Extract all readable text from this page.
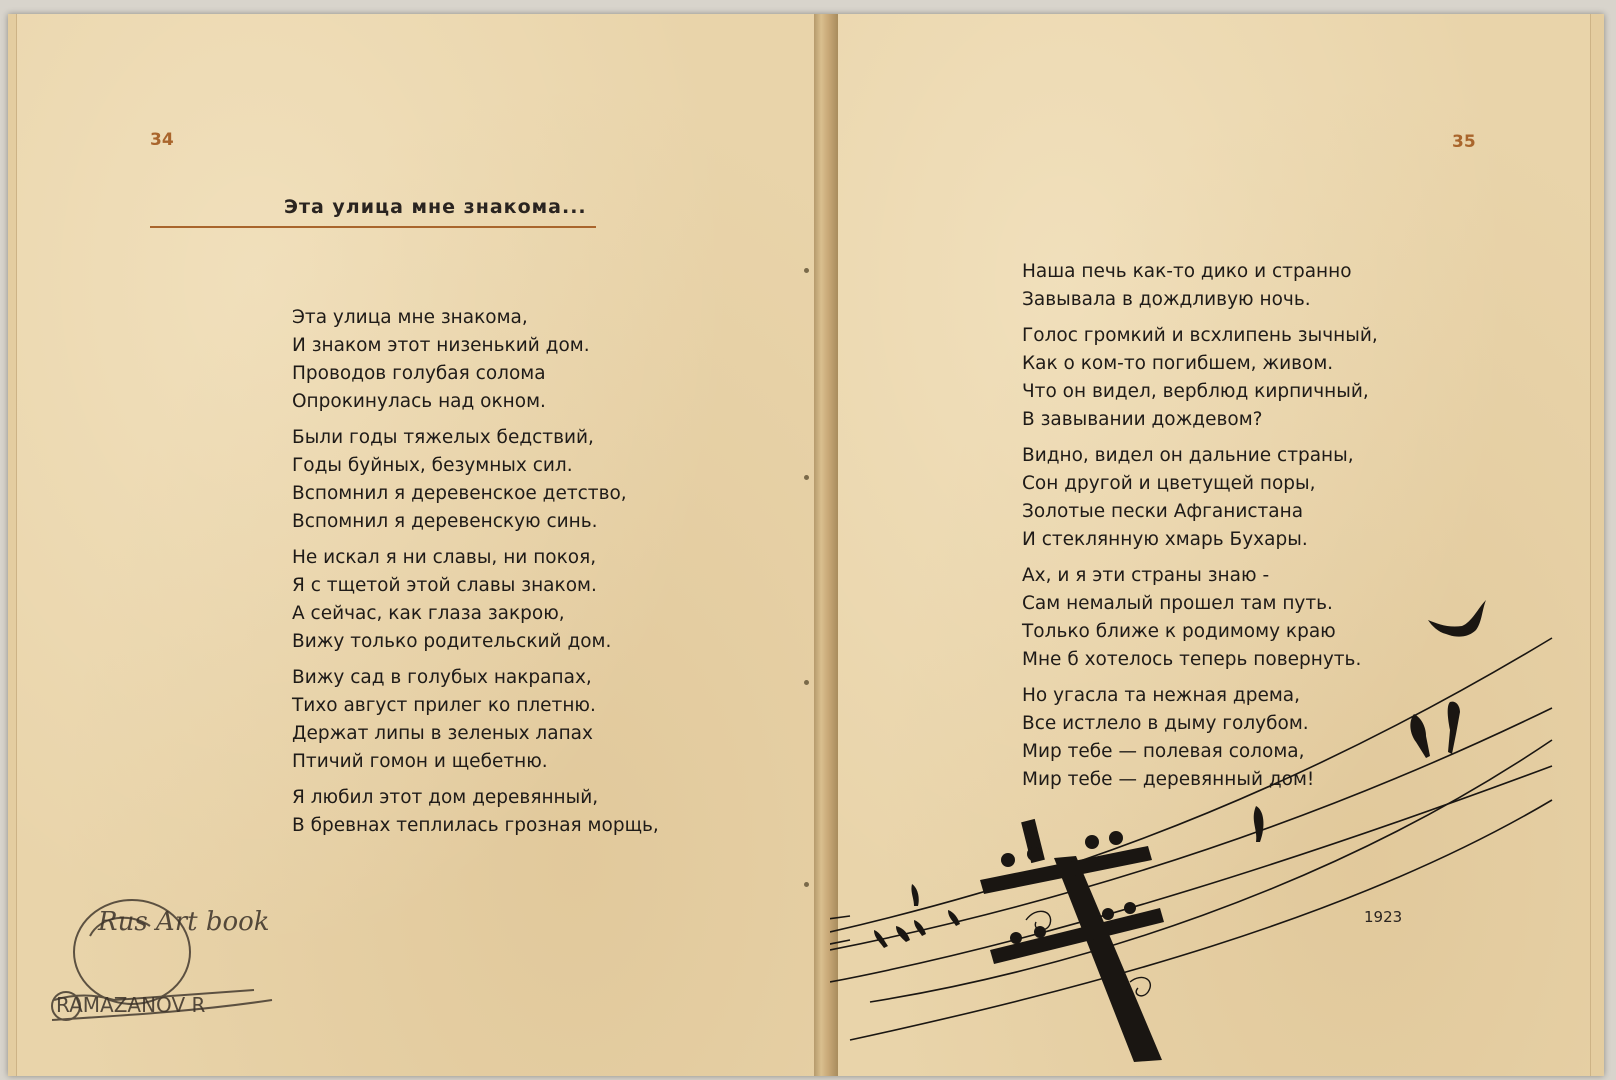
34	35
Эта улица мне знакома...
Эта улица мне знакома,
И знаком этот низенький дом.
Проводов голубая солома
Опрокинулась над окном.
Были годы тяжелых бедствий,
Годы буйных, безумных сил.
Вспомнил я деревенское детство,
Вспомнил я деревенскую синь.
Не искал я ни славы, ни покоя,
Я с тщетой этой славы знаком.
А сейчас, как глаза закрою,
Вижу только родительский дом.
Вижу сад в голубых накрапах,
Тихо август прилег ко плетню.
Держат липы в зеленых лапах
Птичий гомон и щебетню.
Я любил этот дом деревянный,
В бревнах теплилась грозная морщь,
Наша печь как-то дико и странно
Завывала в дождливую ночь.
Голос громкий и всхлипень зычный,
Как о ком-то погибшем, живом.
Что он видел, верблюд кирпичный,
В завывании дождевом?
Видно, видел он дальние страны,
Сон другой и цветущей поры,
Золотые пески Афганистана
И стеклянную хмарь Бухары.
Ах, и я эти страны знаю -
Сам немалый прошел там путь.
Только ближе к родимому краю
Мне б хотелось теперь повернуть.
Но угасла та нежная дрема,
Все истлело в дыму голубом.
Мир тебе — полевая солома,
Мир тебе — деревянный дом!
1923
Rus Art book
RAMAZANOV R
